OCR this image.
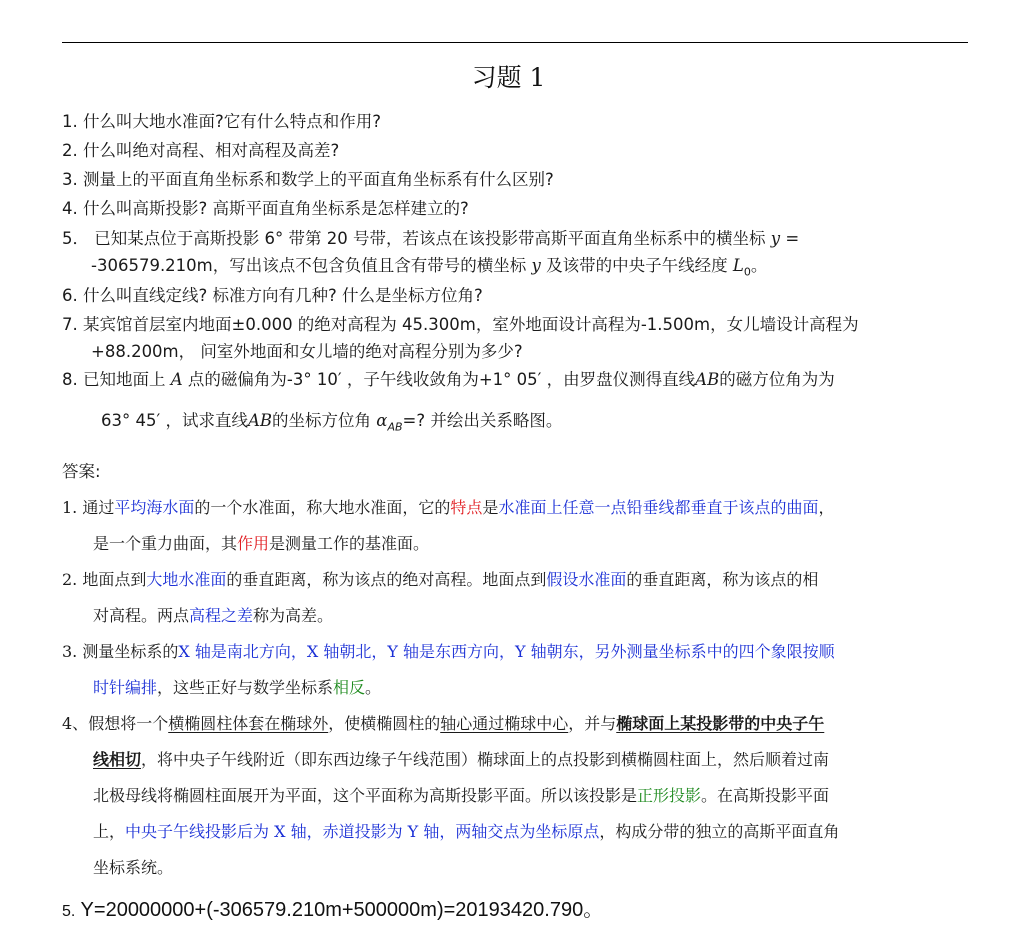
习题 1
1. 什么叫大地水准面?它有什么特点和作用?
2. 什么叫绝对高程、相对高程及高差?
3. 测量上的平面直角坐标系和数学上的平面直角坐标系有什么区别?
4. 什么叫高斯投影? 高斯平面直角坐标系是怎样建立的?
5． 已知某点位于高斯投影 6° 带第 20 号带，若该点在该投影带高斯平面直角坐标系中的横坐标 y =
-306579.210m，写出该点不包含负值且含有带号的横坐标 y 及该带的中央子午线经度 $L_0$。
6. 什么叫直线定线? 标准方向有几种? 什么是坐标方位角?
7. 某宾馆首层室内地面±0.000 的绝对高程为 45.300m，室外地面设计高程为-1.500m，女儿墙设计高程为
+88.200m， 问室外地面和女儿墙的绝对高程分别为多少?
8. 已知地面上 A 点的磁偏角为-3° 10′ ，子午线收敛角为+1° 05′ ，由罗盘仪测得直线AB的磁方位角为为
63° 45′ ，试求直线AB的坐标方位角 $\alpha_{AB}=$? 并绘出关系略图。
答案:
1. 通过平均海水面的一个水准面，称大地水准面，它的特点是水准面上任意一点铅垂线都垂直于该点的曲面，
是一个重力曲面，其作用是测量工作的基准面。
2. 地面点到大地水准面的垂直距离，称为该点的绝对高程。地面点到假设水准面的垂直距离，称为该点的相
对高程。两点高程之差称为高差。
3. 测量坐标系的X 轴是南北方向，X 轴朝北，Y 轴是东西方向，Y 轴朝东，另外测量坐标系中的四个象限按顺
时针编排，这些正好与数学坐标系相反。
4、假想将一个横椭圆柱体套在椭球外，使横椭圆柱的轴心通过椭球中心，并与椭球面上某投影带的中央子午
线相切，将中央子午线附近（即东西边缘子午线范围）椭球面上的点投影到横椭圆柱面上，然后顺着过南
北极母线将椭圆柱面展开为平面，这个平面称为高斯投影平面。所以该投影是正形投影。在高斯投影平面
上，中央子午线投影后为 X 轴，赤道投影为 Y 轴，两轴交点为坐标原点，构成分带的独立的高斯平面直角
坐标系统。
5. Y=20000000+(-306579.210m+500000m)=20193420.790。
